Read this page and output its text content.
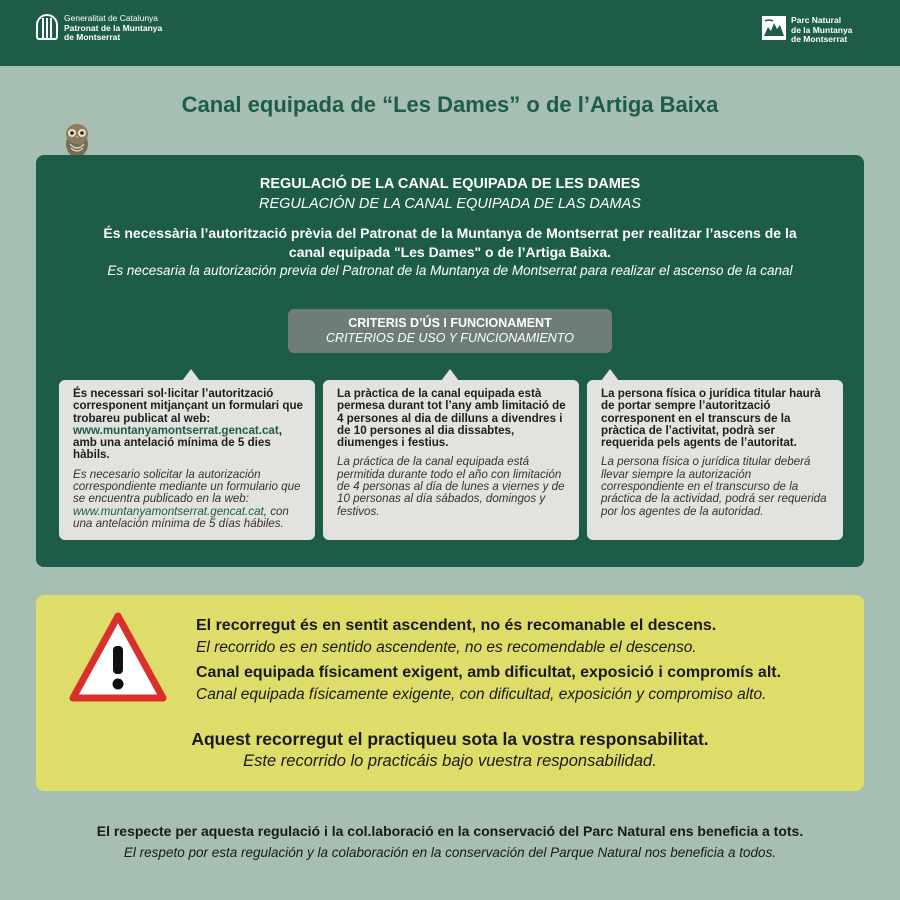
Generalitat de Catalunya
Patronat de la Muntanya
de Montserrat
Parc Natural
de la Muntanya
de Montserrat
Canal equipada de “Les Dames” o de l’Artiga Baixa
REGULACIÓ DE LA CANAL EQUIPADA DE LES DAMES
REGULACIÓN DE LA CANAL EQUIPADA DE LAS DAMAS
És necessària l’autorització prèvia del Patronat de la Muntanya de Montserrat per realitzar l’ascens de la
canal equipada "Les Dames" o de l’Artiga Baixa.
Es necesaria la autorización previa del Patronat de la Muntanya de Montserrat para realizar el ascenso de la canal
CRITERIS D’ÚS I FUNCIONAMENT
CRITERIOS DE USO Y FUNCIONAMIENTO
És necessari sol·licitar l’autorització corresponent mitjançant un formulari que trobareu publicat al web: www.muntanyamontserrat.gencat.cat, amb una antelació mínima de 5 dies hàbils.
Es necesario solicitar la autorización correspondiente mediante un formulario que se encuentra publicado en la web: www.muntanyamontserrat.gencat.cat, con una antelación mínima de 5 días hábiles.
La pràctica de la canal equipada està permesa durant tot l’any amb limitació de 4 persones al dia de dilluns a divendres i de 10 persones al dia dissabtes, diumenges i festius.
La práctica de la canal equipada está permitida durante todo el año con limitación de 4 personas al día de lunes a viernes y de 10 personas al día sábados, domingos y festivos.
La persona física o jurídica titular haurà de portar sempre l’autorització corresponent en el transcurs de la pràctica de l’activitat, podrà ser requerida pels agents de l’autoritat.
La persona física o jurídica titular deberá llevar siempre la autorización correspondiente en el transcurso de la práctica de la actividad, podrá ser requerida por los agentes de la autoridad.
El recorregut és en sentit ascendent, no és recomanable el descens.
El recorrido es en sentido ascendente, no es recomendable el descenso.
Canal equipada físicament exigent, amb dificultat, exposició i compromís alt.
Canal equipada físicamente exigente, con dificultad, exposición y compromiso alto.
Aquest recorregut el practiqueu sota la vostra responsabilitat.
Este recorrido lo practicáis bajo vuestra responsabilidad.
El respecte per aquesta regulació i la col.laboració en la conservació del Parc Natural ens beneficia a tots.
El respeto por esta regulación y la colaboración en la conservación del Parque Natural nos beneficia a todos.
